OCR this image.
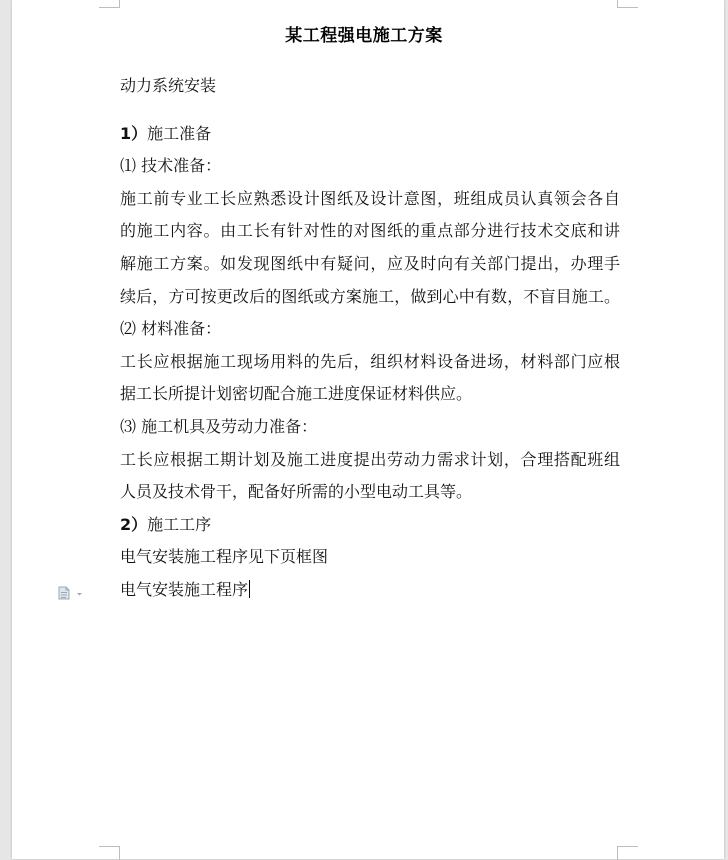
某工程强电施工方案
动力系统安装
1）施工准备
⑴ 技术准备：
施工前专业工长应熟悉设计图纸及设计意图，班组成员认真领会各自
的施工内容。由工长有针对性的对图纸的重点部分进行技术交底和讲
解施工方案。如发现图纸中有疑问，应及时向有关部门提出，办理手
续后，方可按更改后的图纸或方案施工，做到心中有数，不盲目施工。
⑵ 材料准备：
工长应根据施工现场用料的先后，组织材料设备进场，材料部门应根
据工长所提计划密切配合施工进度保证材料供应。
⑶ 施工机具及劳动力准备：
工长应根据工期计划及施工进度提出劳动力需求计划，合理搭配班组
人员及技术骨干，配备好所需的小型电动工具等。
2）施工工序
电气安装施工程序见下页框图
电气安装施工程序
